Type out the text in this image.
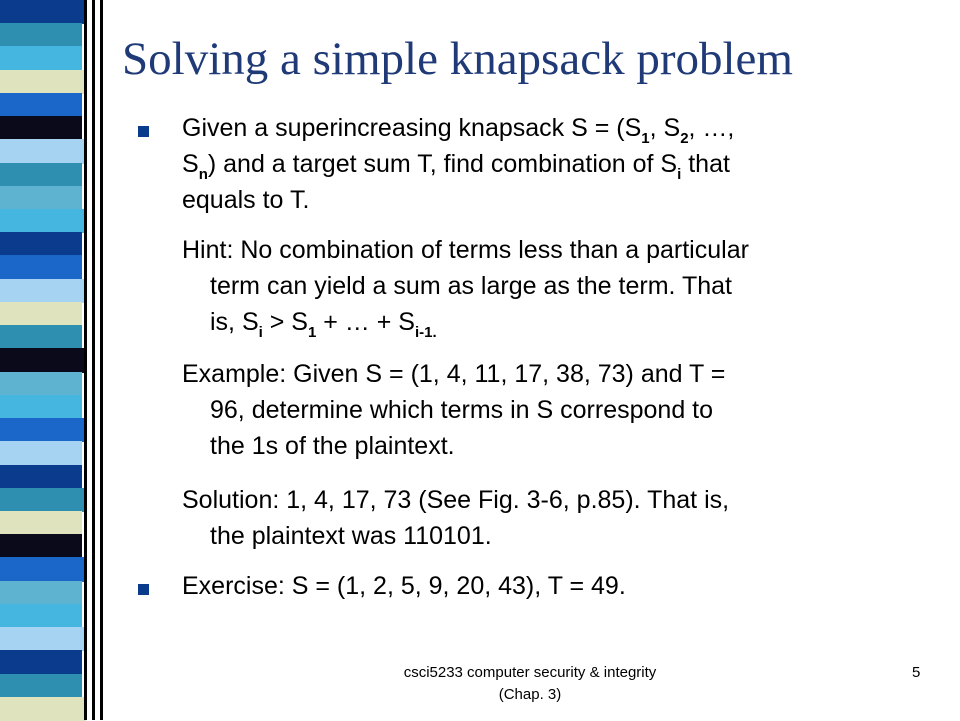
Solving a simple knapsack problem
Given a superincreasing knapsack $S = (S_1$, $S_2$, …,
$S_n$) and a target sum T, find combination of $S_i$ that
equals to T.
Hint: No combination of terms less than a particular
term can yield a sum as large as the term. That
is, $S_i > S_1$ + … + $S_{i-1.}$
Example: Given S = (1, 4, 11, 17, 38, 73) and T =
96, determine which terms in S correspond to
the 1s of the plaintext.
Solution: 1, 4, 17, 73 (See Fig. 3-6, p.85). That is,
the plaintext was 110101.
Exercise: S = (1, 2, 5, 9, 20, 43), T = 49.
csci5233 computer security & integrity (Chap. 3)
5
